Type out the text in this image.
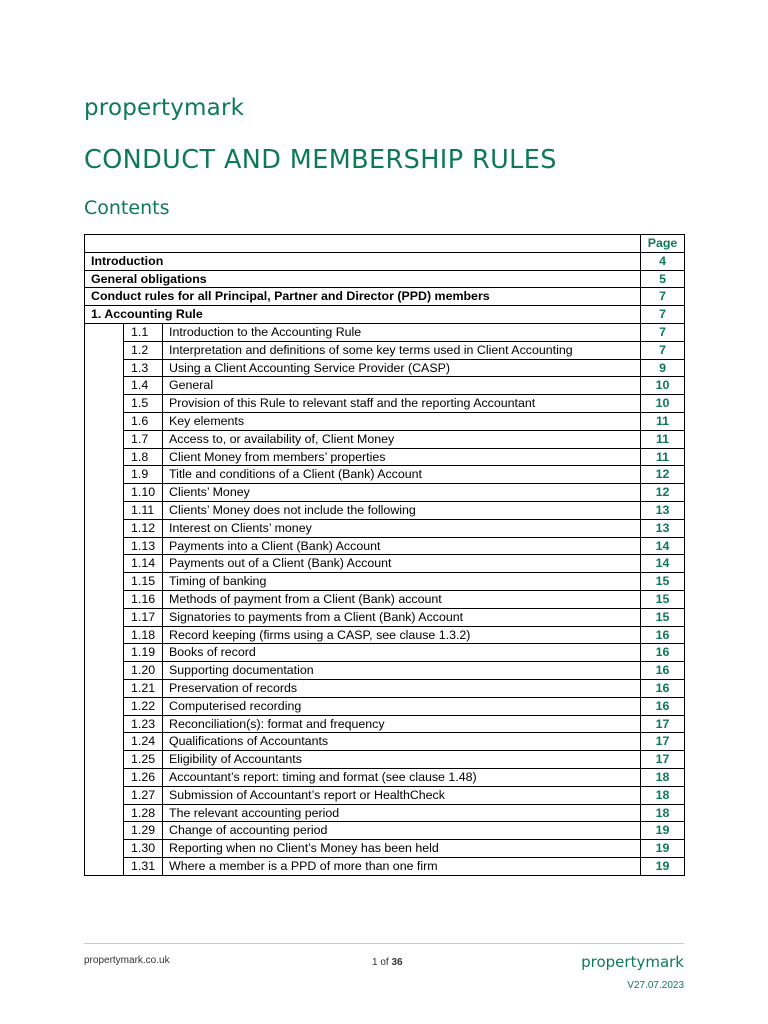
propertymark
CONDUCT AND MEMBERSHIP RULES
Contents
			Page
Introduction			4
General obligations			5
Conduct rules for all Principal, Partner and Director (PPD) members			7
1. Accounting Rule			7
	1.1	Introduction to the Accounting Rule	7
	1.2	Interpretation and definitions of some key terms used in Client Accounting	7
	1.3	Using a Client Accounting Service Provider (CASP)	9
	1.4	General	10
	1.5	Provision of this Rule to relevant staff and the reporting Accountant	10
	1.6	Key elements	11
	1.7	Access to, or availability of, Client Money	11
	1.8	Client Money from members’ properties	11
	1.9	Title and conditions of a Client (Bank) Account	12
	1.10	Clients’ Money	12
	1.11	Clients’ Money does not include the following	13
	1.12	Interest on Clients’ money	13
	1.13	Payments into a Client (Bank) Account	14
	1.14	Payments out of a Client (Bank) Account	14
	1.15	Timing of banking	15
	1.16	Methods of payment from a Client (Bank) account	15
	1.17	Signatories to payments from a Client (Bank) Account	15
	1.18	Record keeping (firms using a CASP, see clause 1.3.2)	16
	1.19	Books of record	16
	1.20	Supporting documentation	16
	1.21	Preservation of records	16
	1.22	Computerised recording	16
	1.23	Reconciliation(s): format and frequency	17
	1.24	Qualifications of Accountants	17
	1.25	Eligibility of Accountants	17
	1.26	Accountant’s report: timing and format (see clause 1.48)	18
	1.27	Submission of Accountant’s report or HealthCheck	18
	1.28	The relevant accounting period	18
	1.29	Change of accounting period	19
	1.30	Reporting when no Client’s Money has been held	19
	1.31	Where a member is a PPD of more than one firm	19
propertymark.co.uk	1 of 36	propertymark
V27.07.2023
